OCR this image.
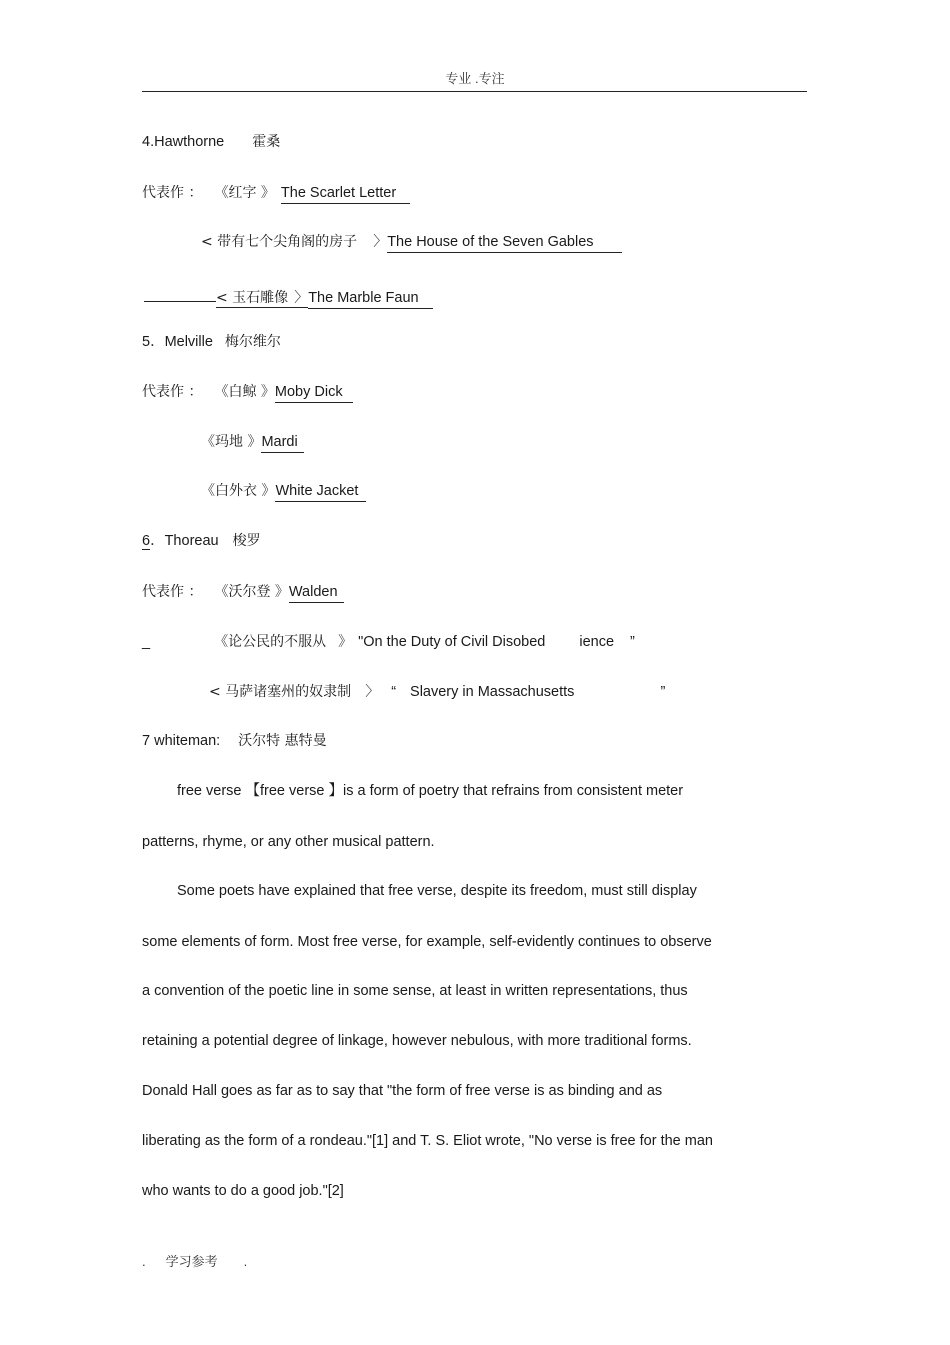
专业 .专注
4.Hawthorne 霍桑
代表作 ： 《红字 》 The Scarlet Letter
< 带有七个尖角阁的房子 〉The House of the Seven Gables
< 玉石雕像 〉The Marble Faun
5．Melville 梅尔维尔
代表作 ： 《白鲸 》Moby Dick
《玛地 》Mardi
《白外衣 》White Jacket
6．Thoreau 梭罗
代表作 ： 《沃尔登 》Walden
_	《论公民的不服从 》 "On the Duty of Civil Disobed ience ”
< 马萨诸塞州的奴隶制 〉 “ Slavery in Massachusetts	”
7 whiteman: 沃尔特 惠特曼
free verse 【free verse 】is a form of poetry that refrains from consistent meter
patterns, rhyme, or any other musical pattern.
Some poets have explained that free verse, despite its freedom, must still display
some elements of form. Most free verse, for example, self-evidently continues to observe
a convention of the poetic line in some sense, at least in written representations, thus
retaining a potential degree of linkage, however nebulous, with more traditional forms.
Donald Hall goes as far as to say that "the form of free verse is as binding and as
liberating as the form of a rondeau."[1] and T. S. Eliot wrote, "No verse is free for the man
who wants to do a good job."[2]
. 学习参考 .
